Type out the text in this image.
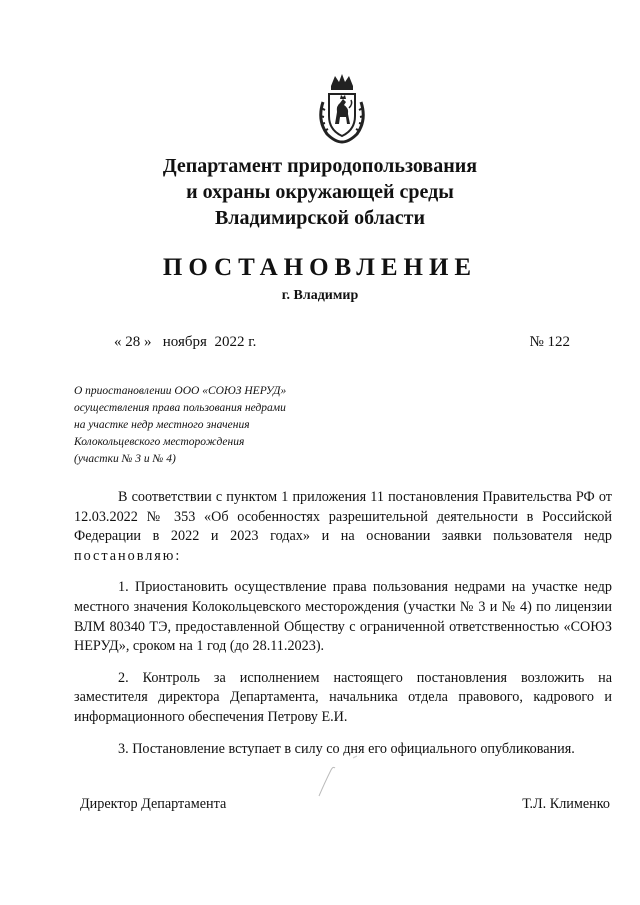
Департамент природопользования
и охраны окружающей среды
Владимирской области
ПОСТАНОВЛЕНИЕ
г. Владимир
« 28 » ноября 2022 г.	№ 122
О приостановлении ООО «СОЮЗ НЕРУД»
осуществления права пользования недрами
на участке недр местного значения
Колокольцевского месторождения
(участки № 3 и № 4)

В соответствии с пунктом 1 приложения 11 постановления Правительства РФ от 12.03.2022 № 353 «Об особенностях разрешительной деятельности в Российской Федерации в 2022 и 2023 годах» и на основании заявки пользователя недр постановляю:

1. Приостановить осуществление права пользования недрами на участке недр местного значения Колокольцевского месторождения (участки № 3 и № 4) по лицензии ВЛМ 80340 ТЭ, предоставленной Обществу с ограниченной ответственностью «СОЮЗ НЕРУД», сроком на 1 год (до 28.11.2023).

2. Контроль за исполнением настоящего постановления возложить на заместителя директора Департамента, начальника отдела правового, кадрового и информационного обеспечения Петрову Е.И.

3. Постановление вступает в силу со дня его официального опубликования.

Директор Департамента	Т.Л. Клименко
